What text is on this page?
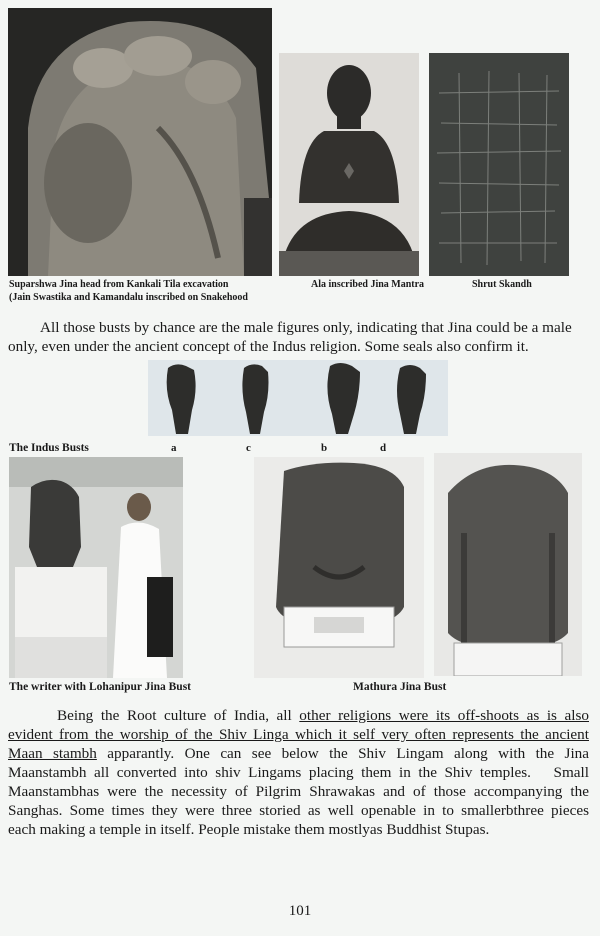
Suparshwa Jina head from Kankali Tila excavation
(Jain Swastika and Kamandalu inscribed on Snakehood
Ala inscribed Jina Mantra	Shrut Skandh
All those busts by chance are the male figures only, indicating that Jina could be a male
only, even under the ancient concept of the Indus religion. Some seals also confirm it.
The Indus Busts	a	c	b	d
The writer with Lohanipur Jina Bust	Mathura Jina Bust
Being the Root culture of India, all other religions were its off-shoots as is also
evident from the worship of the Shiv Linga which it self very often represents the ancient
Maan stambh apparantly. One can see below the Shiv Lingam along with the Jina
Maanstambh all converted into shiv Lingams placing them in the Shiv temples.   Small
Maanstambhas were the necessity of Pilgrim Shrawakas and of those accompanying the
Sanghas. Some times they were three storied as well openable in to smallerbthree pieces
each making a temple in itself. People mistake them mostlyas Buddhist Stupas.
101
